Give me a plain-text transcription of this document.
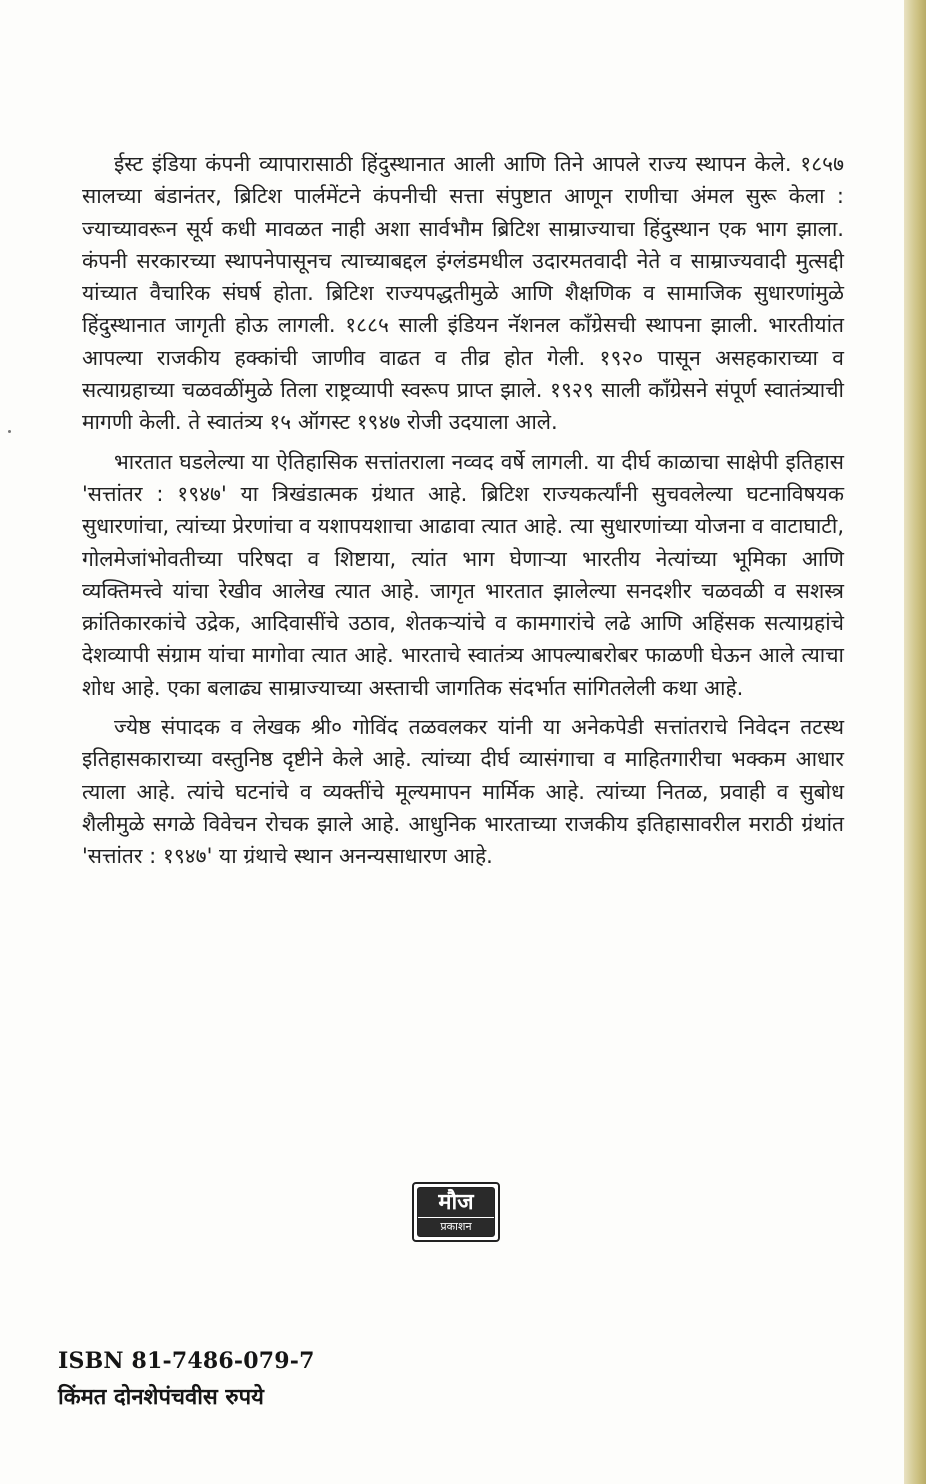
ईस्ट इंडिया कंपनी व्यापारासाठी हिंदुस्थानात आली आणि तिने आपले राज्य स्थापन केले. १८५७ सालच्या बंडानंतर, ब्रिटिश पार्लमेंटने कंपनीची सत्ता संपुष्टात आणून राणीचा अंमल सुरू केला : ज्याच्यावरून सूर्य कधी मावळत नाही अशा सार्वभौम ब्रिटिश साम्राज्याचा हिंदुस्थान एक भाग झाला. कंपनी सरकारच्या स्थापनेपासूनच त्याच्याबद्दल इंग्लंडमधील उदारमतवादी नेते व साम्राज्यवादी मुत्सद्दी यांच्यात वैचारिक संघर्ष होता. ब्रिटिश राज्यपद्धतीमुळे आणि शैक्षणिक व सामाजिक सुधारणांमुळे हिंदुस्थानात जागृती होऊ लागली. १८८५ साली इंडियन नॅशनल काँग्रेसची स्थापना झाली. भारतीयांत आपल्या राजकीय हक्कांची जाणीव वाढत व तीव्र होत गेली. १९२० पासून असहकाराच्या व सत्याग्रहाच्या चळवळींमुळे तिला राष्ट्रव्यापी स्वरूप प्राप्त झाले. १९२९ साली काँग्रेसने संपूर्ण स्वातंत्र्याची मागणी केली. ते स्वातंत्र्य १५ ऑगस्ट १९४७ रोजी उदयाला आले.

भारतात घडलेल्या या ऐतिहासिक सत्तांतराला नव्वद वर्षे लागली. या दीर्घ काळाचा साक्षेपी इतिहास 'सत्तांतर : १९४७' या त्रिखंडात्मक ग्रंथात आहे. ब्रिटिश राज्यकर्त्यांनी सुचवलेल्या घटनाविषयक सुधारणांचा, त्यांच्या प्रेरणांचा व यशापयशाचा आढावा त्यात आहे. त्या सुधारणांच्या योजना व वाटाघाटी, गोलमेजांभोवतीच्या परिषदा व शिष्टाया, त्यांत भाग घेणाऱ्या भारतीय नेत्यांच्या भूमिका आणि व्यक्तिमत्त्वे यांचा रेखीव आलेख त्यात आहे. जागृत भारतात झालेल्या सनदशीर चळवळी व सशस्त्र क्रांतिकारकांचे उद्रेक, आदिवासींचे उठाव, शेतकऱ्यांचे व कामगारांचे लढे आणि अहिंसक सत्याग्रहांचे देशव्यापी संग्राम यांचा मागोवा त्यात आहे. भारताचे स्वातंत्र्य आपल्याबरोबर फाळणी घेऊन आले त्याचा शोध आहे. एका बलाढ्य साम्राज्याच्या अस्ताची जागतिक संदर्भात सांगितलेली कथा आहे.

ज्येष्ठ संपादक व लेखक श्री० गोविंद तळवलकर यांनी या अनेकपेडी सत्तांतराचे निवेदन तटस्थ इतिहासकाराच्या वस्तुनिष्ठ दृष्टीने केले आहे. त्यांच्या दीर्घ व्यासंगाचा व माहितगारीचा भक्कम आधार त्याला आहे. त्यांचे घटनांचे व व्यक्तींचे मूल्यमापन मार्मिक आहे. त्यांच्या नितळ, प्रवाही व सुबोध शैलीमुळे सगळे विवेचन रोचक झाले आहे. आधुनिक भारताच्या राजकीय इतिहासावरील मराठी ग्रंथांत 'सत्तांतर : १९४७' या ग्रंथाचे स्थान अनन्यसाधारण आहे.

मौज
प्रकाशन
ISBN 81-7486-079-7
किंमत दोनशेपंचवीस रुपये
